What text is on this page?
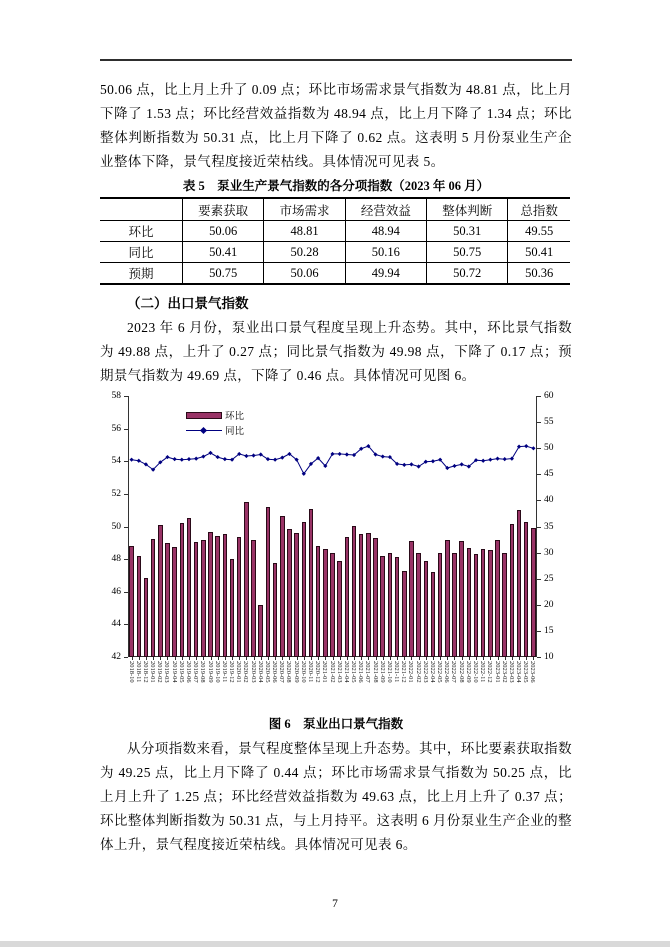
50.06 点，比上月上升了 0.09 点；环比市场需求景气指数为 48.81 点，比上月下降了 1.53 点；环比经营效益指数为 48.94 点，比上月下降了 1.34 点；环比整体判断指数为 50.31 点，比上月下降了 0.62 点。这表明 5 月份泵业生产企业整体下降，景气程度接近荣枯线。具体情况可见表 5。

表 5　泵业生产景气指数的各分项指数（2023 年 06 月）
	要素获取	市场需求	经营效益	整体判断	总指数
环比	50.06	48.81	48.94	50.31	49.55
同比	50.41	50.28	50.16	50.75	50.41
预期	50.75	50.06	49.94	50.72	50.36
（二）出口景气指数

2023 年 6 月份，泵业出口景气程度呈现上升态势。其中，环比景气指数为 49.88 点，上升了 0.27 点；同比景气指数为 49.98 点，下降了 0.17 点；预期景气指数为 49.69 点，下降了 0.46 点。具体情况可见图 6。

环比
同比
58
56
54
52
50
48
46
44
42
60
55
50
45
40
35
30
25
20
15
10
2018-10 2018-11 2018-12 2019-01 2019-02 2019-03 2019-04 2019-05 2019-06 2019-07 2019-08 2019-09 2019-10 2019-11 2019-12 2020-01 2020-02 2020-03 2020-04 2020-05 2020-06 2020-07 2020-08 2020-09 2020-10 2020-11 2020-12 2021-01 2021-02 2021-03 2021-04 2021-05 2021-06 2021-07 2021-08 2021-09 2021-10 2021-11 2021-12 2022-01 2022-02 2022-03 2022-04 2022-05 2022-06 2022-07 2022-08 2022-09 2022-10 2022-11 2022-12 2023-01 2023-02 2023-03 2023-04 2023-05 2023-06
图 6　泵业出口景气指数

从分项指数来看，景气程度整体呈现上升态势。其中，环比要素获取指数为 49.25 点，比上月下降了 0.44 点；环比市场需求景气指数为 50.25 点，比上月上升了 1.25 点；环比经营效益指数为 49.63 点，比上月上升了 0.37 点；环比整体判断指数为 50.31 点，与上月持平。这表明 6 月份泵业生产企业的整体上升，景气程度接近荣枯线。具体情况可见表 6。

7
